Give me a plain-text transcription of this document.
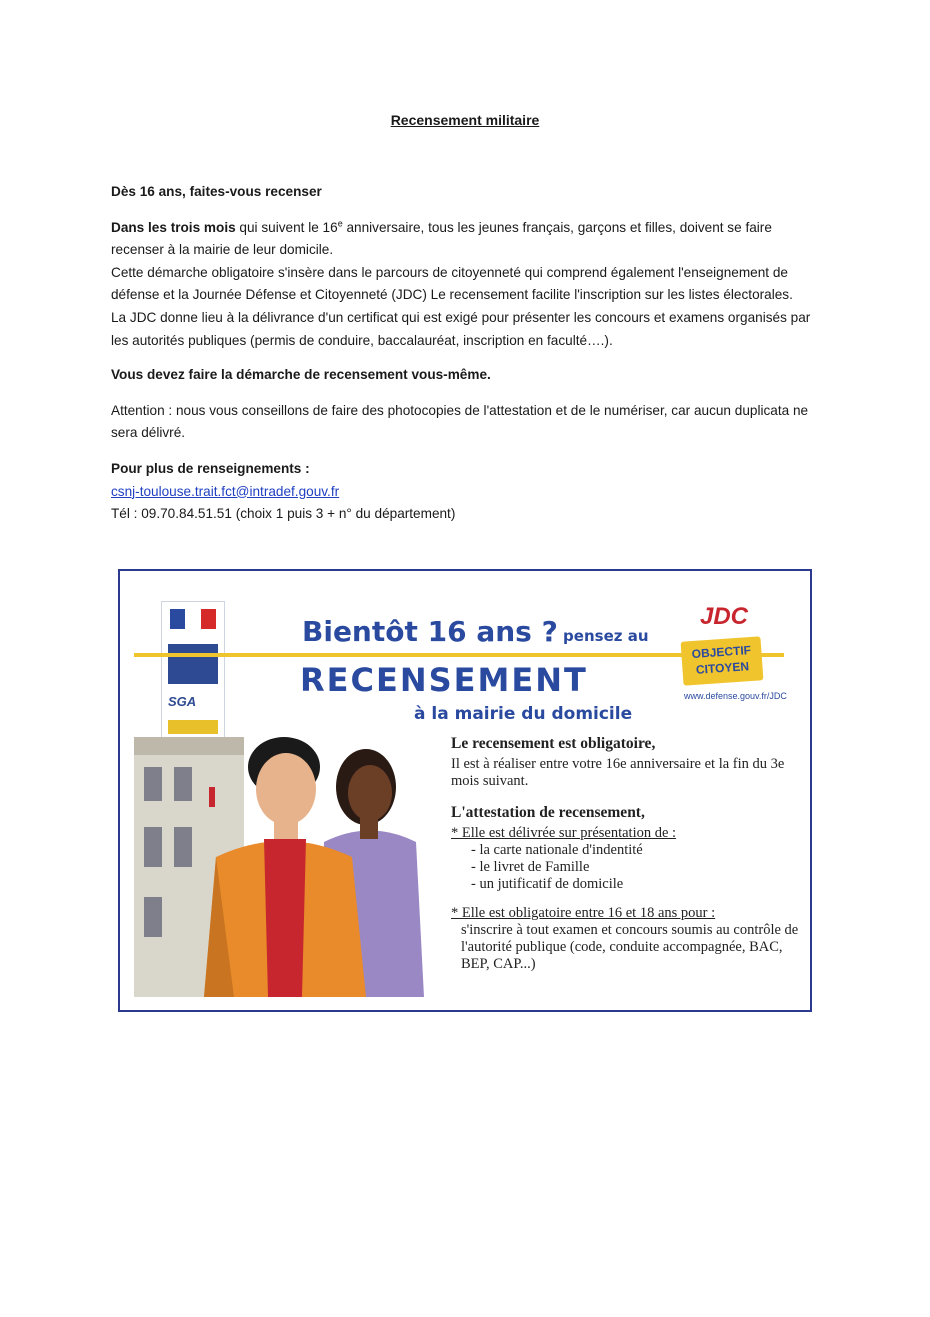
Recensement militaire

Dès 16 ans, faites-vous recenser

Dans les trois mois qui suivent le 16e anniversaire, tous les jeunes français, garçons et filles, doivent se faire recenser à la mairie de leur domicile.

Cette démarche obligatoire s'insère dans le parcours de citoyenneté qui comprend également l'enseignement de défense et la Journée Défense et Citoyenneté (JDC) Le recensement facilite l'inscription sur les listes électorales.

La JDC donne lieu à la délivrance d'un certificat qui est exigé pour présenter les concours et examens organisés par les autorités publiques (permis de conduire, baccalauréat, inscription en faculté….).

Vous devez faire la démarche de recensement vous-même.

Attention : nous vous conseillons de faire des photocopies de l'attestation et de le numériser, car aucun duplicata ne sera délivré.

Pour plus de renseignements :

csnj-toulouse.trait.fct@intradef.gouv.fr

Tél : 09.70.84.51.51 (choix 1 puis 3 + n° du département)

SGA
Bientôt 16 ans ? pensez au
RECENSEMENT
à la mairie du domicile
JDC
OBJECTIF
CITOYEN
www.defense.gouv.fr/JDC
Le recensement est obligatoire,
Il est à réaliser entre votre 16e anniversaire et la fin du 3e mois suivant.
L'attestation de recensement,
* Elle est délivrée sur présentation de :
- la carte nationale d'indentité
- le livret de Famille
- un jutificatif de domicile
* Elle est obligatoire entre 16 et 18 ans pour :
s'inscrire à tout examen et concours soumis au contrôle de l'autorité publique (code, conduite accompagnée, BAC, BEP, CAP...)
